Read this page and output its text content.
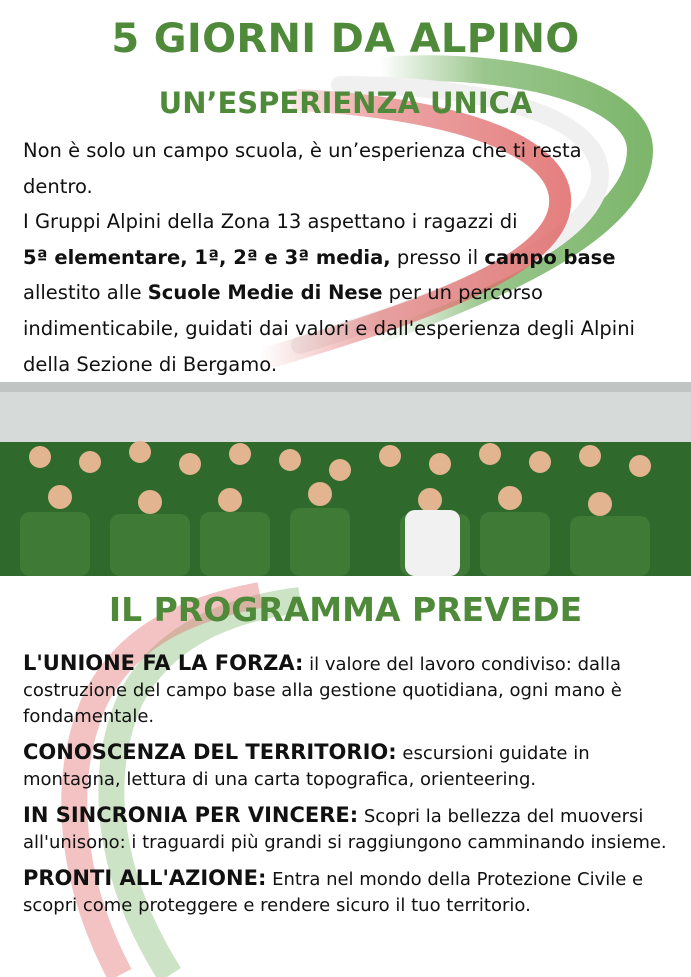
5 GIORNI DA ALPINO
UN’ESPERIENZA UNICA

Non è solo un campo scuola, è un’esperienza che ti resta dentro.

I Gruppi Alpini della Zona 13 aspettano i ragazzi di
5ª elementare, 1ª, 2ª e 3ª media, presso il campo base allestito alle Scuole Medie di Nese per un percorso indimenticabile, guidati dai valori e dall'esperienza degli Alpini della Sezione di Bergamo.

IL PROGRAMMA PREVEDE

L'UNIONE FA LA FORZA: il valore del lavoro condiviso: dalla costruzione del campo base alla gestione quotidiana, ogni mano è fondamentale.

CONOSCENZA DEL TERRITORIO: escursioni guidate in montagna, lettura di una carta topografica, orienteering.

IN SINCRONIA PER VINCERE: Scopri la bellezza del muoversi all'unisono: i traguardi più grandi si raggiungono camminando insieme.

PRONTI ALL'AZIONE: Entra nel mondo della Protezione Civile e scopri come proteggere e rendere sicuro il tuo territorio.
